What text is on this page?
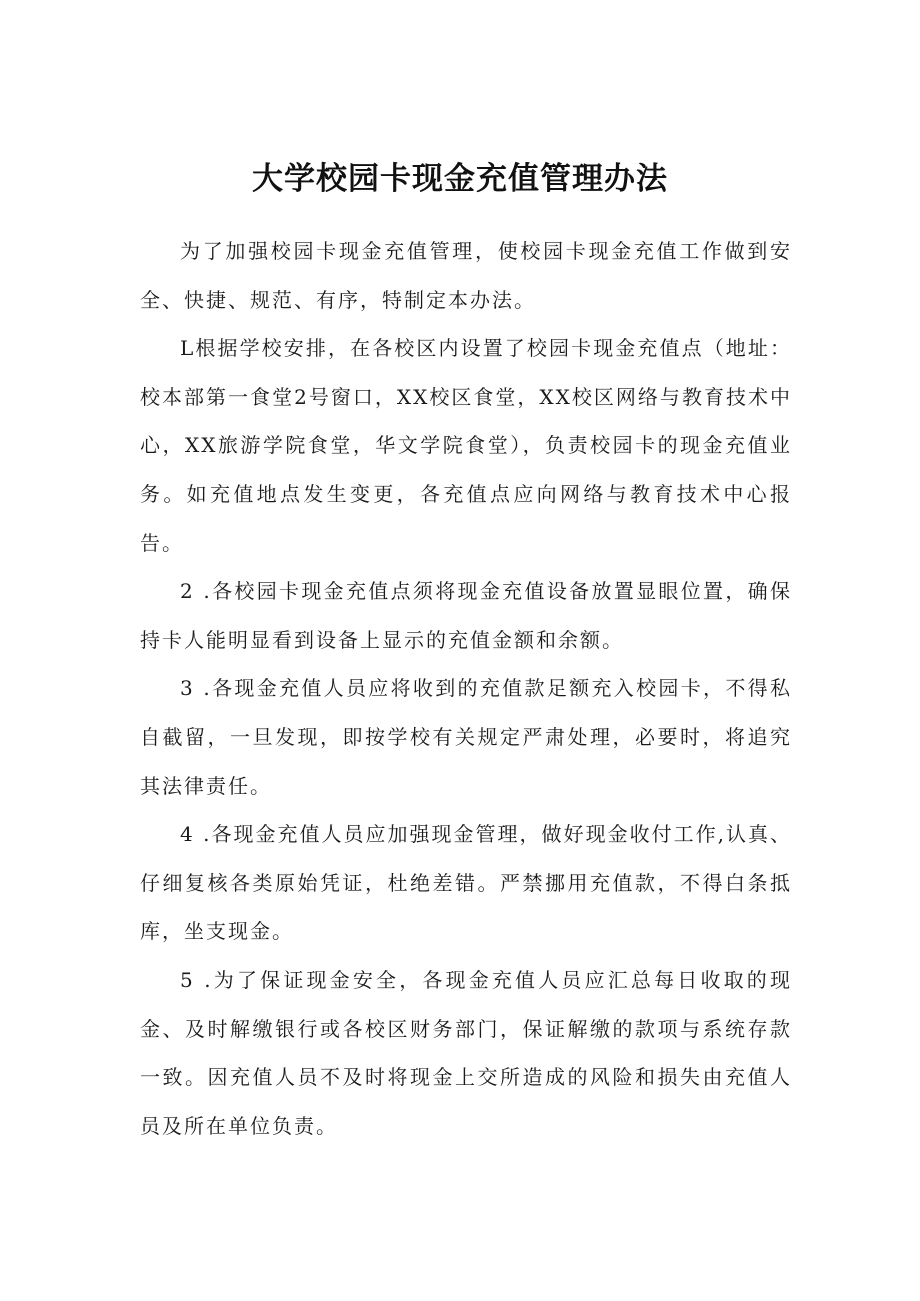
大学校园卡现金充值管理办法

为了加强校园卡现金充值管理，使校园卡现金充值工作做到安全、快捷、规范、有序，特制定本办法。

L根据学校安排，在各校区内设置了校园卡现金充值点（地址：校本部第一食堂2号窗口，XX校区食堂，XX校区网络与教育技术中心，XX旅游学院食堂，华文学院食堂），负责校园卡的现金充值业务。如充值地点发生变更，各充值点应向网络与教育技术中心报告。

2 .各校园卡现金充值点须将现金充值设备放置显眼位置，确保持卡人能明显看到设备上显示的充值金额和余额。

3 .各现金充值人员应将收到的充值款足额充入校园卡，不得私自截留，一旦发现，即按学校有关规定严肃处理，必要时，将追究其法律责任。

4 .各现金充值人员应加强现金管理，做好现金收付工作,认真、仔细复核各类原始凭证，杜绝差错。严禁挪用充值款，不得白条抵库，坐支现金。

5 .为了保证现金安全，各现金充值人员应汇总每日收取的现金、及时解缴银行或各校区财务部门，保证解缴的款项与系统存款一致。因充值人员不及时将现金上交所造成的风险和损失由充值人员及所在单位负责。
